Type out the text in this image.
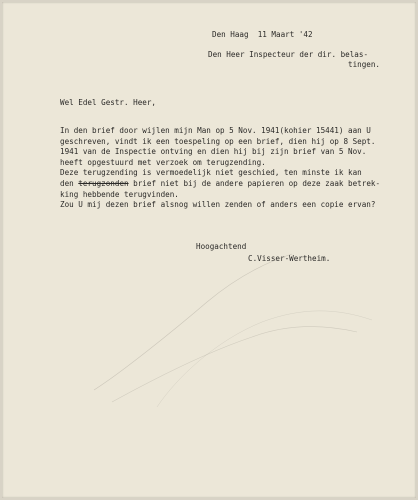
Den Haag  11 Maart '42
Den Heer Inspecteur der dir. belas-
tingen.
Wel Edel Gestr. Heer,
In den brief door wijlen mijn Man op 5 Nov. 1941(kohier 15441) aan U
geschreven, vindt ik een toespeling op een brief, dien hij op 8 Sept.
1941 van de Inspectie ontving en dien hij bij zijn brief van 5 Nov.
heeft opgestuurd met verzoek om terugzending.
Deze terugzending is vermoedelijk niet geschied, ten minste ik kan
den terugzonden brief niet bij de andere papieren op deze zaak betrek-
king hebbende terugvinden.
Zou U mij dezen brief alsnog willen zenden of anders een copie ervan?
Hoogachtend
C.Visser-Wertheim.
